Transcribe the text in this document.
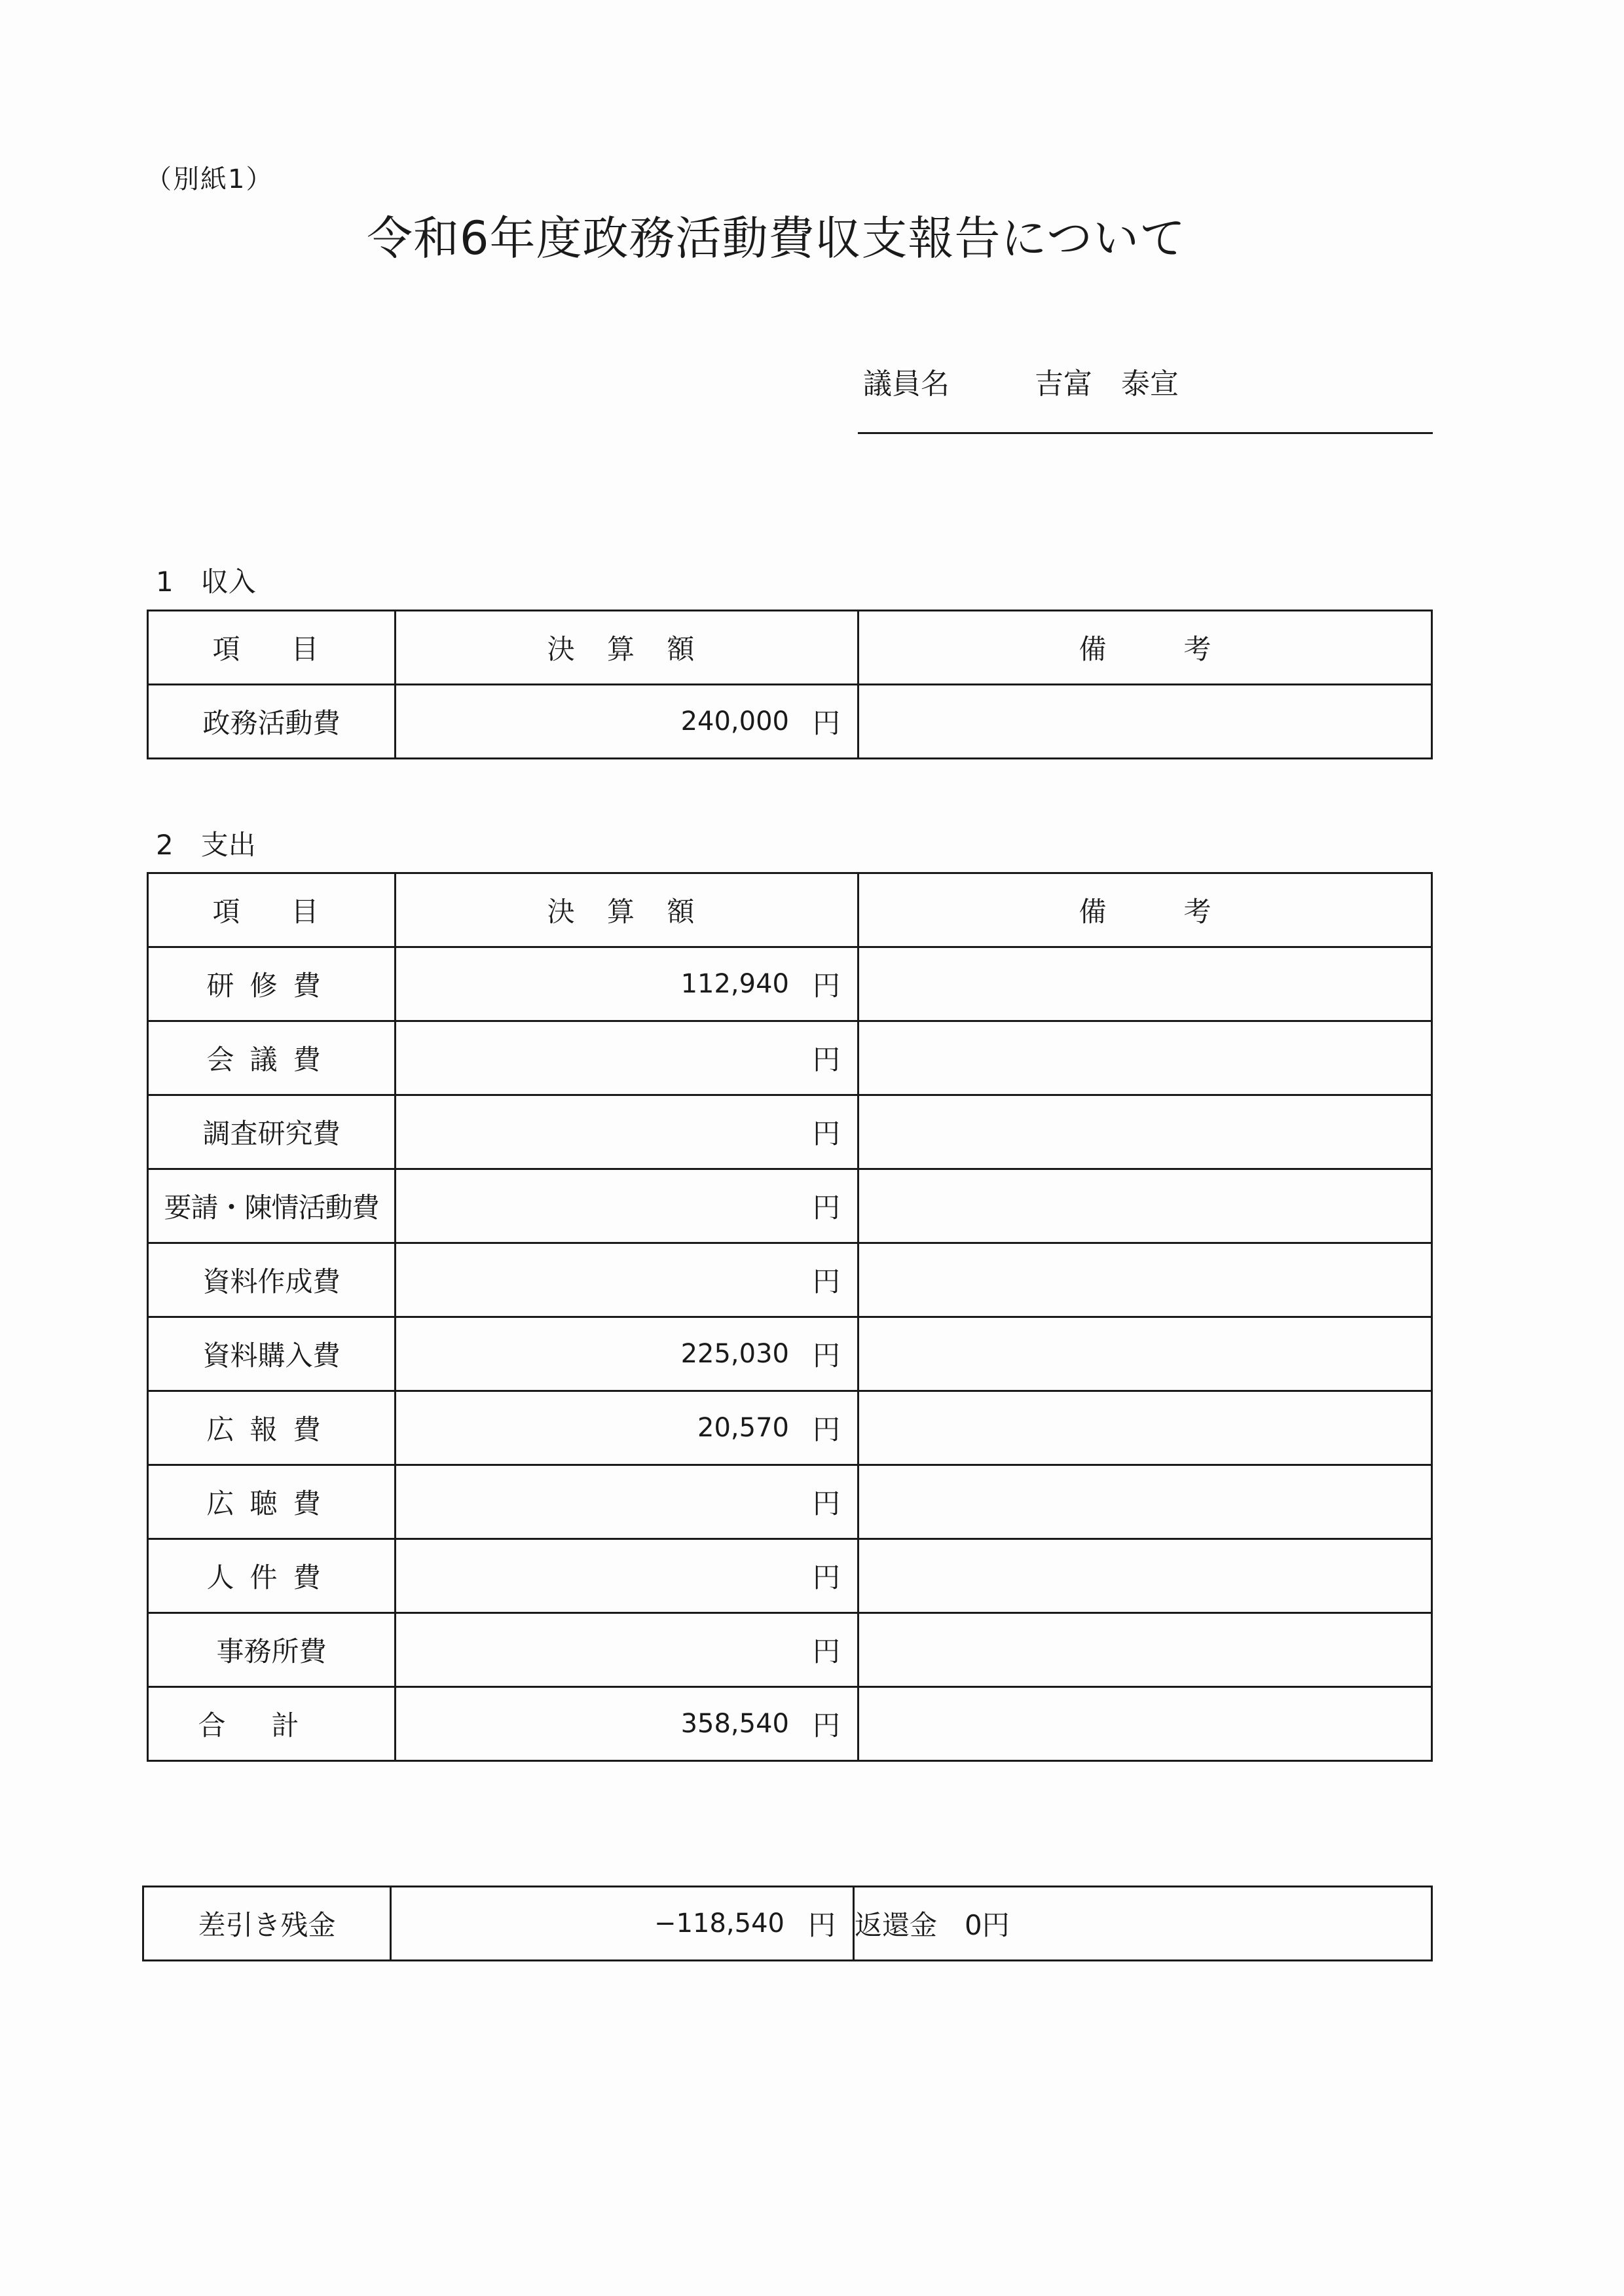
（別紙1）
令和6年度政務活動費収支報告について
議員名	吉富　泰宣
1　収入
項　目	決 算 額	備 考
政務活動費	240,000 円	

2　支出
項　目	決 算 額	備 考
研修費	112,940 円	

会議費	円	

調査研究費	円	

要請・陳情活動費	円	

資料作成費	円	

資料購入費	225,030 円	

広報費	20,570 円	

広聴費	円	

人件費	円	

事務所費	円	

合計	358,540 円	

差引き残金	−118,540 円	返還金　0円
